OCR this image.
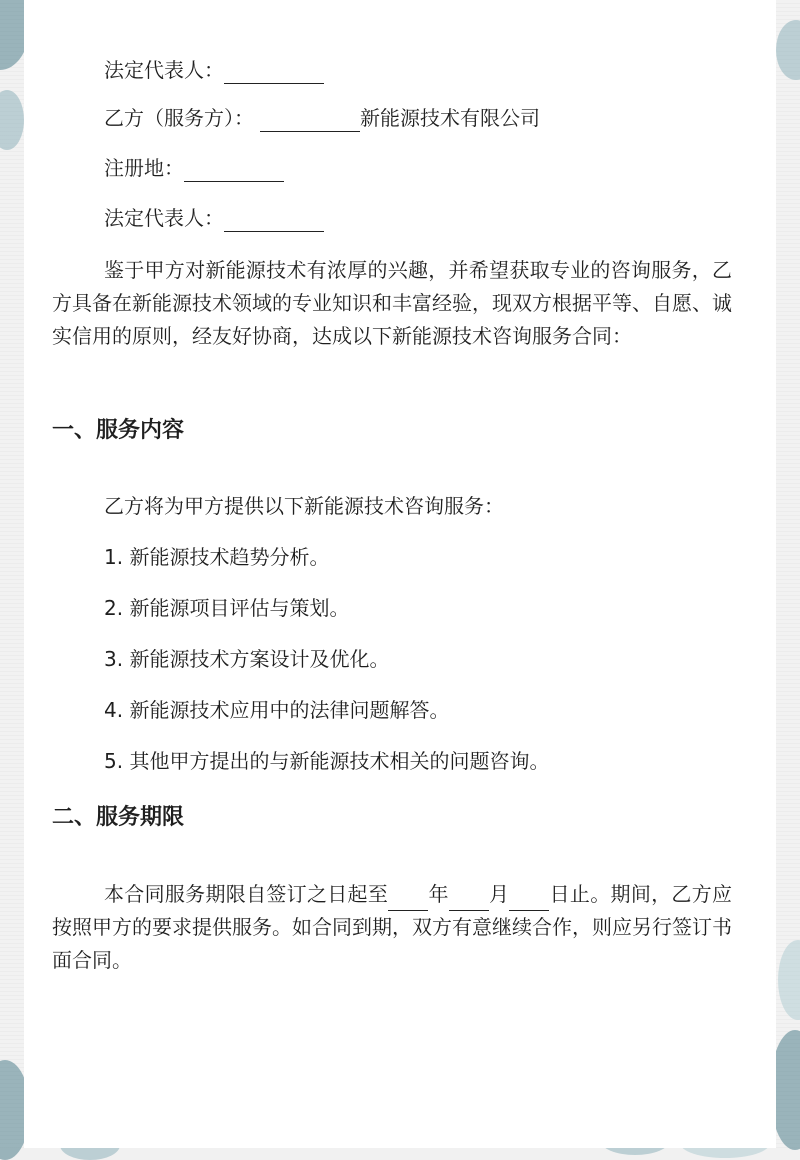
法定代表人：
乙方（服务方）：	新能源技术有限公司
注册地：
法定代表人：
鉴于甲方对新能源技术有浓厚的兴趣，并希望获取专业的咨询服务，乙方具备在新能源技术领域的专业知识和丰富经验，现双方根据平等、自愿、诚实信用的原则，经友好协商，达成以下新能源技术咨询服务合同：
一、服务内容
乙方将为甲方提供以下新能源技术咨询服务：
1. 新能源技术趋势分析。
2. 新能源项目评估与策划。
3. 新能源技术方案设计及优化。
4. 新能源技术应用中的法律问题解答。
5. 其他甲方提出的与新能源技术相关的问题咨询。
二、服务期限
本合同服务期限自签订之日起至 年 月 日止。期间，乙方应按照甲方的要求提供服务。如合同到期，双方有意继续合作，则应另行签订书面合同。
